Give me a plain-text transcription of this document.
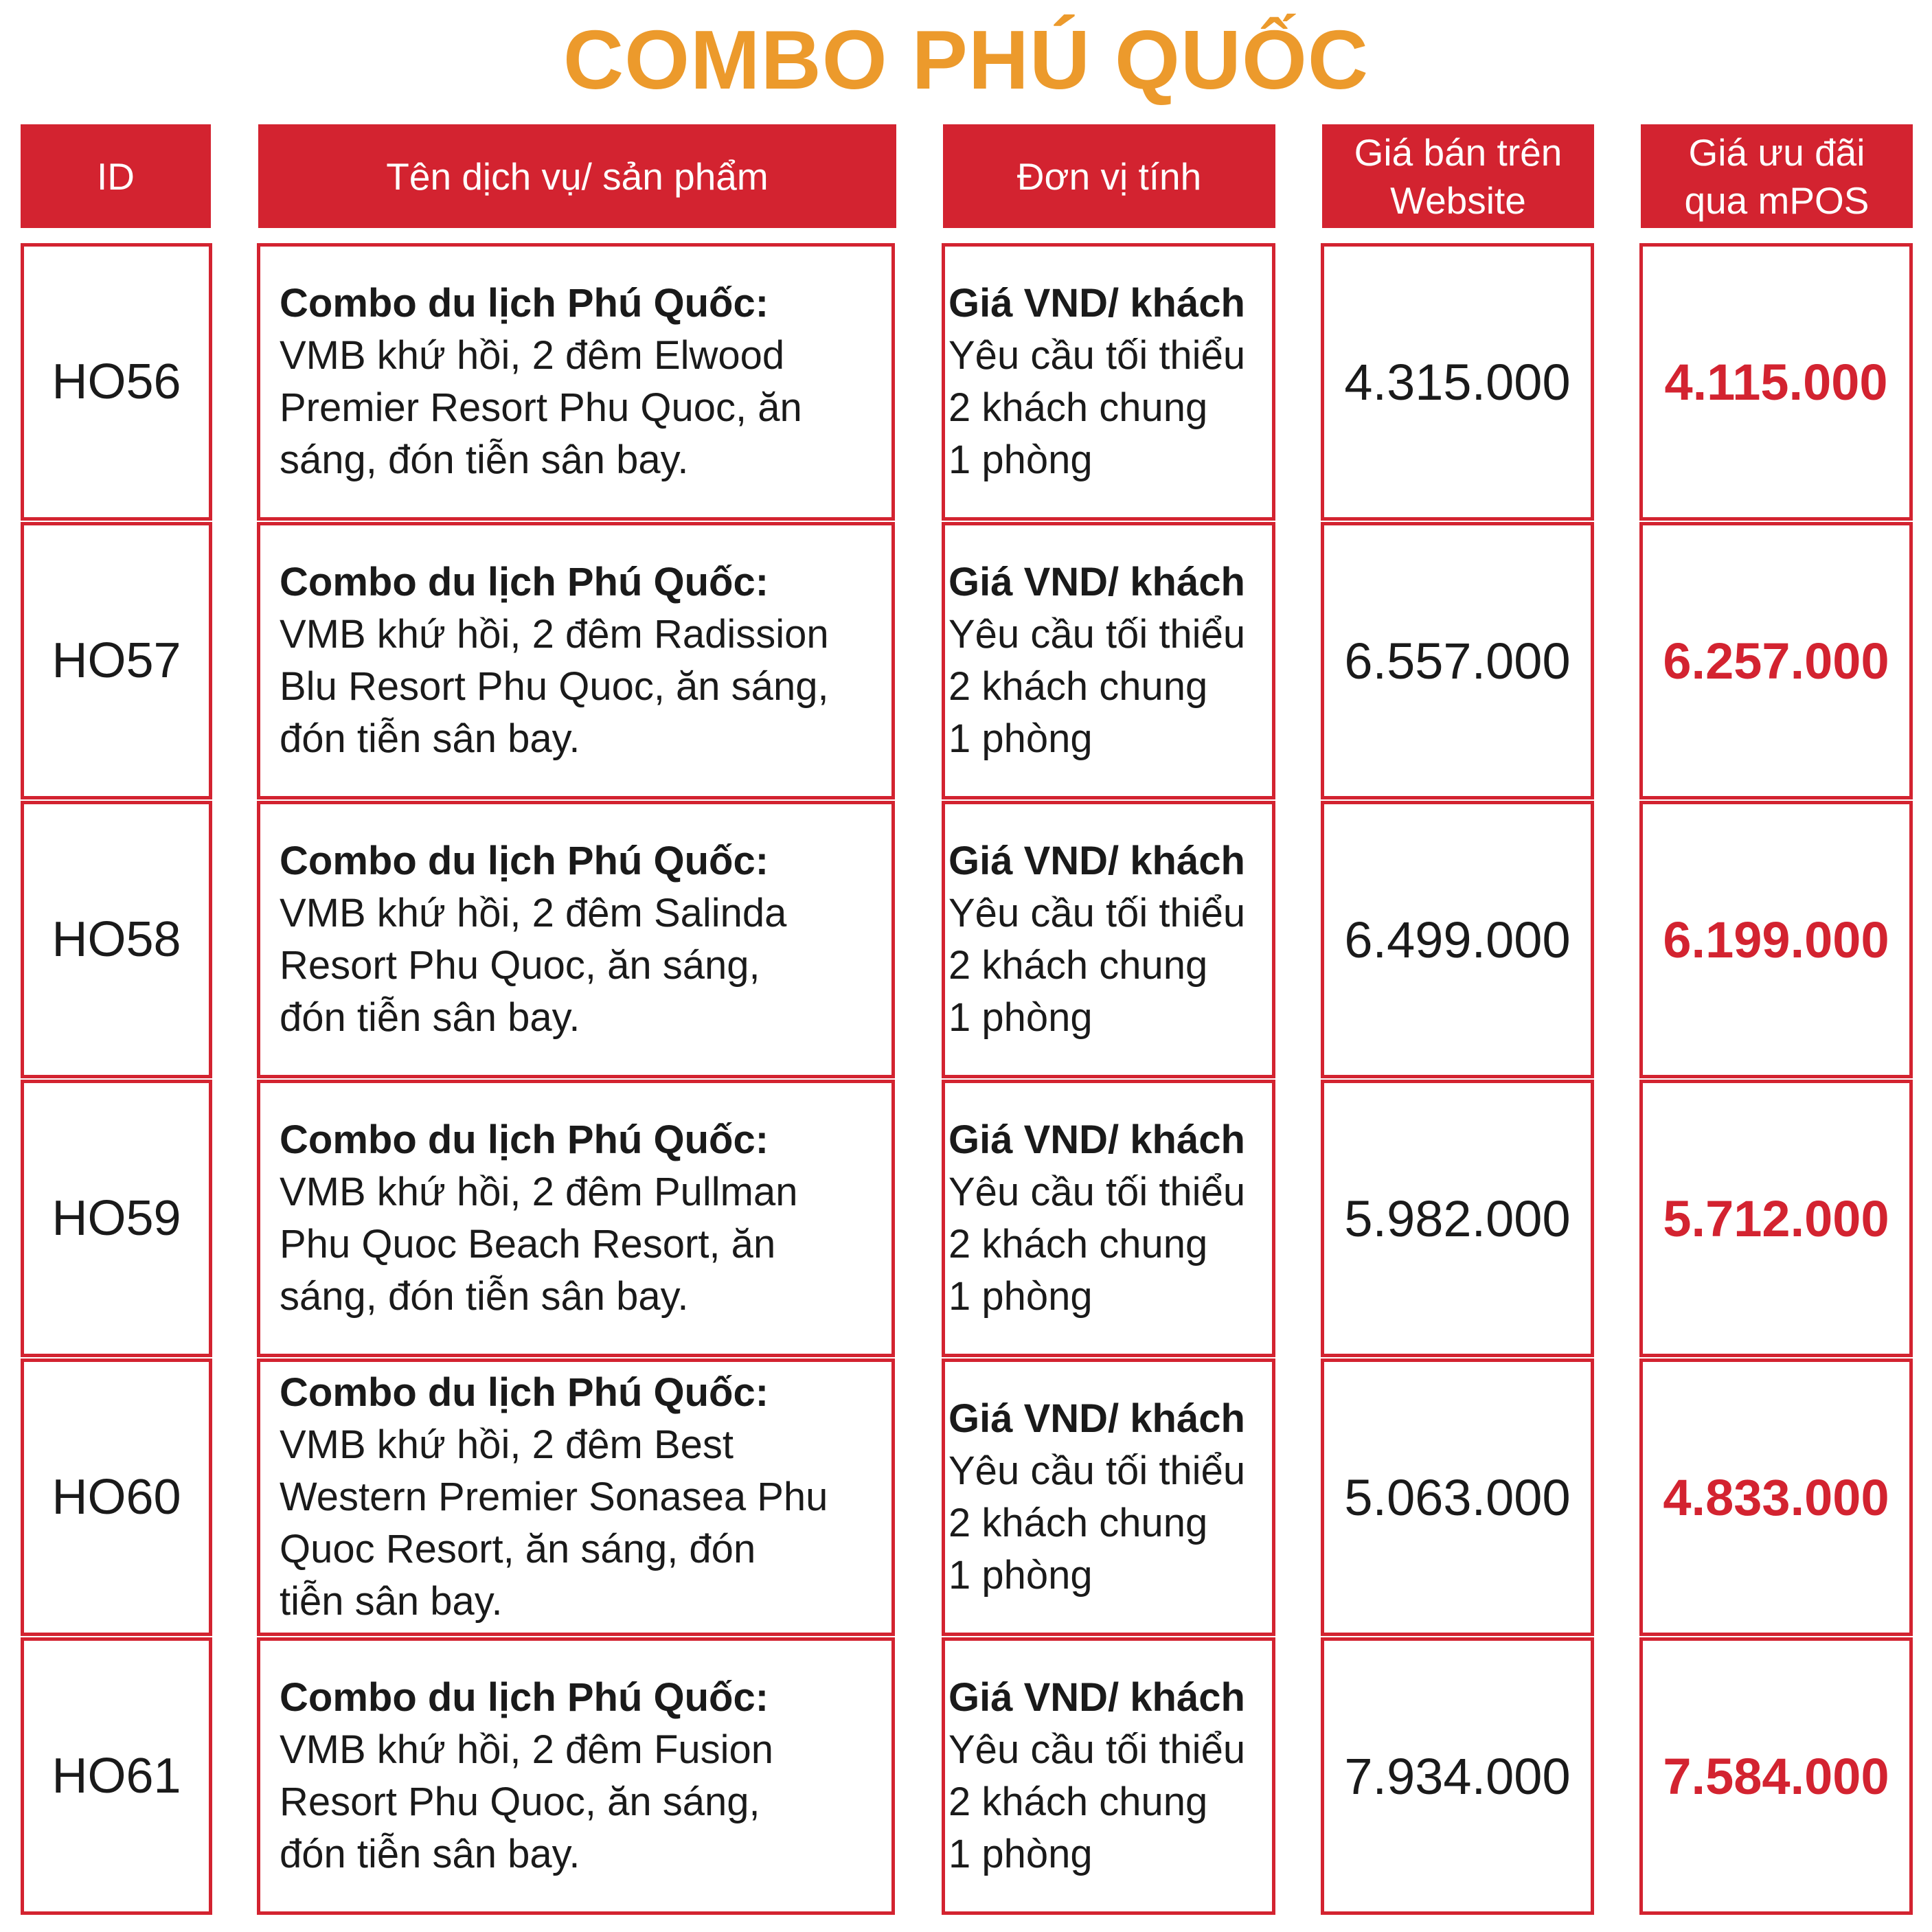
COMBO PHÚ QUỐC
ID	Tên dịch vụ/ sản phẩm	Đơn vị tính
Giá bán trên
Website
Giá ưu đãi
qua mPOS
HO56
Combo du lịch Phú Quốc:
VMB khứ hồi, 2 đêm Elwood
Premier Resort Phu Quoc, ăn
sáng, đón tiễn sân bay.
Giá VND/ khách
Yêu cầu tối thiểu
2 khách chung
1 phòng
4.315.000 4.115.000
HO57
Combo du lịch Phú Quốc:
VMB khứ hồi, 2 đêm Radission
Blu Resort Phu Quoc, ăn sáng,
đón tiễn sân bay.
Giá VND/ khách
Yêu cầu tối thiểu
2 khách chung
1 phòng
6.557.000 6.257.000
HO58
Combo du lịch Phú Quốc:
VMB khứ hồi, 2 đêm Salinda
Resort Phu Quoc, ăn sáng,
đón tiễn sân bay.
Giá VND/ khách
Yêu cầu tối thiểu
2 khách chung
1 phòng
6.499.000 6.199.000
HO59
Combo du lịch Phú Quốc:
VMB khứ hồi, 2 đêm Pullman
Phu Quoc Beach Resort, ăn
sáng, đón tiễn sân bay.
Giá VND/ khách
Yêu cầu tối thiểu
2 khách chung
1 phòng
5.982.000 5.712.000
HO60
Combo du lịch Phú Quốc:
VMB khứ hồi, 2 đêm Best
Western Premier Sonasea Phu
Quoc Resort, ăn sáng, đón
tiễn sân bay.
Giá VND/ khách
Yêu cầu tối thiểu
2 khách chung
1 phòng
5.063.000 4.833.000
HO61
Combo du lịch Phú Quốc:
VMB khứ hồi, 2 đêm Fusion
Resort Phu Quoc, ăn sáng,
đón tiễn sân bay.
Giá VND/ khách
Yêu cầu tối thiểu
2 khách chung
1 phòng
7.934.000 7.584.000
